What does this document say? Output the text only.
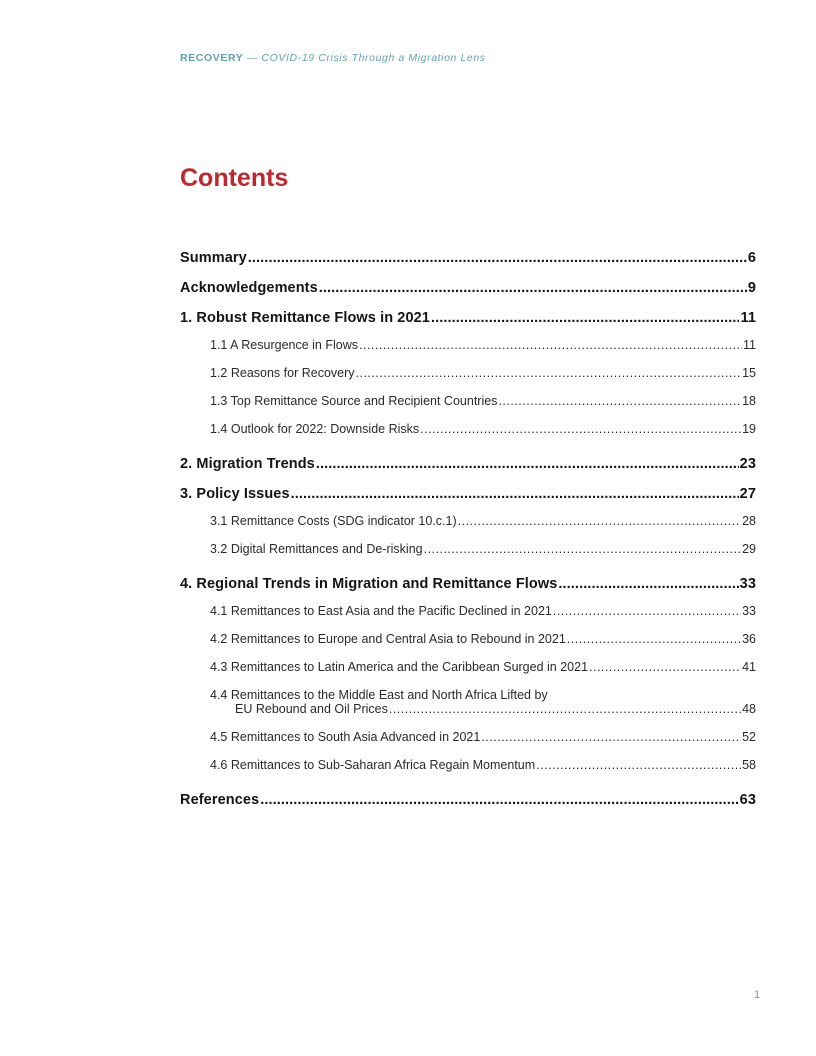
RECOVERY — COVID-19 Crisis Through a Migration Lens
Contents
Summary .....	6
Acknowledgements .....	9
1. Robust Remittance Flows in 2021 .....	11
1.1 A Resurgence in Flows .....	11
1.2 Reasons for Recovery .....	15
1.3 Top Remittance Source and Recipient Countries .....	18
1.4 Outlook for 2022: Downside Risks .....	19
2. Migration Trends .....	23
3. Policy Issues .....	27
3.1 Remittance Costs (SDG indicator 10.c.1) .....	28
3.2 Digital Remittances and De-risking .....	29
4. Regional Trends in Migration and Remittance Flows .....	33
4.1 Remittances to East Asia and the Pacific Declined in 2021 .....	33
4.2 Remittances to Europe and Central Asia to Rebound in 2021 .....	36
4.3 Remittances to Latin America and the Caribbean Surged in 2021 .....	41
4.4 Remittances to the Middle East and North Africa Lifted by
EU Rebound and Oil Prices .....	48
4.5 Remittances to South Asia Advanced in 2021 .....	52
4.6 Remittances to Sub-Saharan Africa Regain Momentum .....	58
References .....	63
1
